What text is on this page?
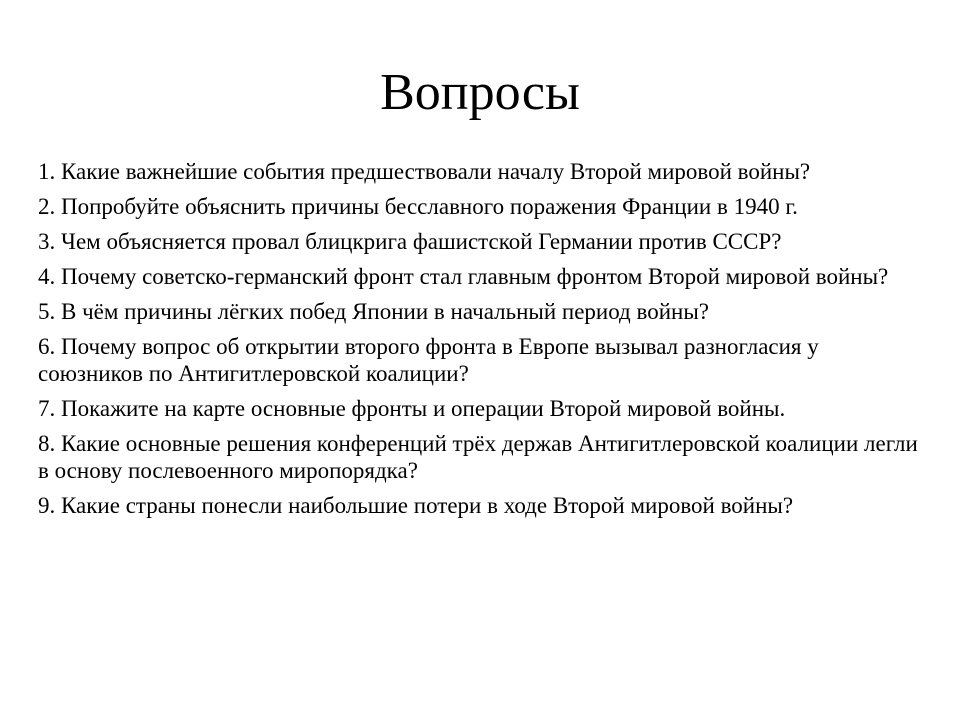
Вопросы
1. Какие важнейшие события предшествовали началу Второй мировой войны?
2. Попробуйте объяснить причины бесславного поражения Франции в 1940 г.
3. Чем объясняется провал блицкрига фашистской Германии против СССР?
4. Почему советско-германский фронт стал главным фронтом Второй мировой войны?
5. В чём причины лёгких побед Японии в начальный период войны?
6. Почему вопрос об открытии второго фронта в Европе вызывал разногласия у союзников по Антигитлеровской коалиции?
7. Покажите на карте основные фронты и операции Второй мировой войны.
8. Какие основные решения конференций трёх держав Антигитлеровской коалиции легли в основу послевоенного миропорядка?
9. Какие страны понесли наибольшие потери в ходе Второй мировой войны?
